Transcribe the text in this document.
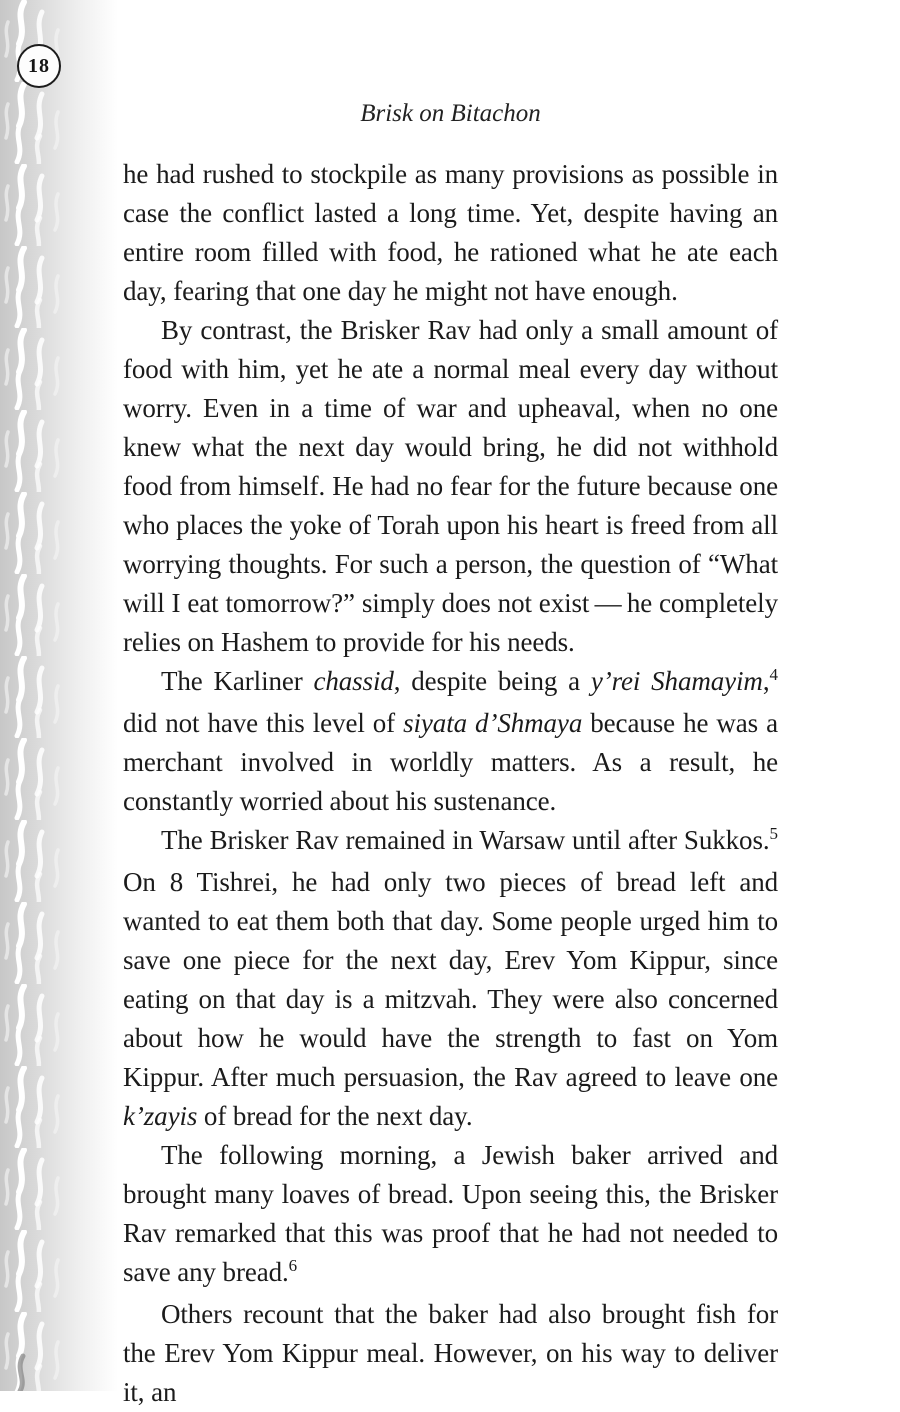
18
Brisk on Bitachon

he had rushed to stockpile as many provisions as possible in case the conflict lasted a long time. Yet, despite having an entire room filled with food, he rationed what he ate each day, fearing that one day he might not have enough.

By contrast, the Brisker Rav had only a small amount of food with him, yet he ate a normal meal every day without worry. Even in a time of war and upheaval, when no one knew what the next day would bring, he did not withhold food from himself. He had no fear for the future because one who places the yoke of Torah upon his heart is freed from all worrying thoughts. For such a person, the question of “What will I eat tomorrow?” simply does not exist — he completely relies on Hashem to provide for his needs.

The Karliner chassid, despite being a y’rei Shamayim,$^4$ did not have this level of siyata d’Shmaya because he was a merchant involved in worldly matters. As a result, he constantly worried about his sustenance.

The Brisker Rav remained in Warsaw until after Sukkos.$^5$ On 8 Tishrei, he had only two pieces of bread left and wanted to eat them both that day. Some people urged him to save one piece for the next day, Erev Yom Kippur, since eating on that day is a mitzvah. They were also concerned about how he would have the strength to fast on Yom Kippur. After much persuasion, the Rav agreed to leave one k’zayis of bread for the next day.

The following morning, a Jewish baker arrived and brought many loaves of bread. Upon seeing this, the Brisker Rav remarked that this was proof that he had not needed to save any bread.$^6$

Others recount that the baker had also brought fish for the Erev Yom Kippur meal. However, on his way to deliver it, an
